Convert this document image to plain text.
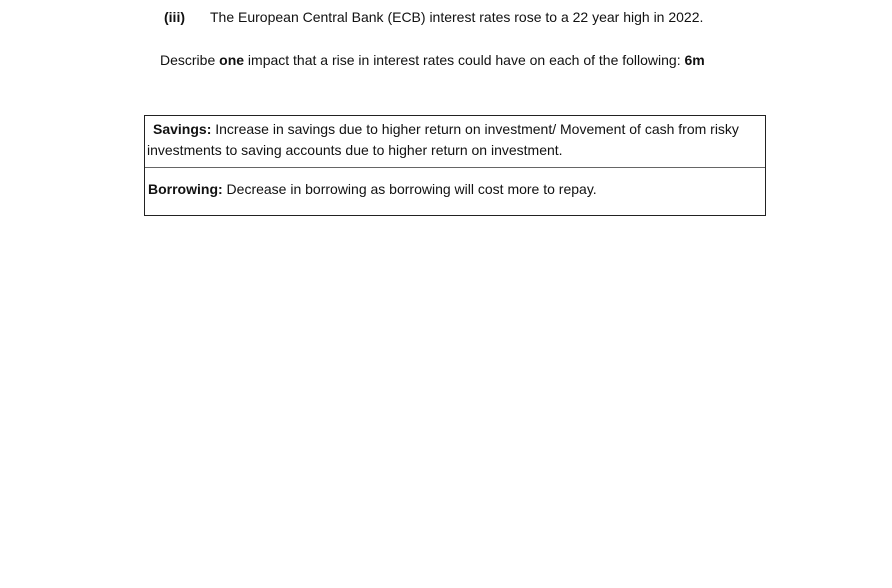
(iii) The European Central Bank (ECB) interest rates rose to a 22 year high in 2022.
Describe one impact that a rise in interest rates could have on each of the following: 6m
Savings: Increase in savings due to higher return on investment/ Movement of cash from risky investments to saving accounts due to higher return on investment.
Borrowing: Decrease in borrowing as borrowing will cost more to repay.
